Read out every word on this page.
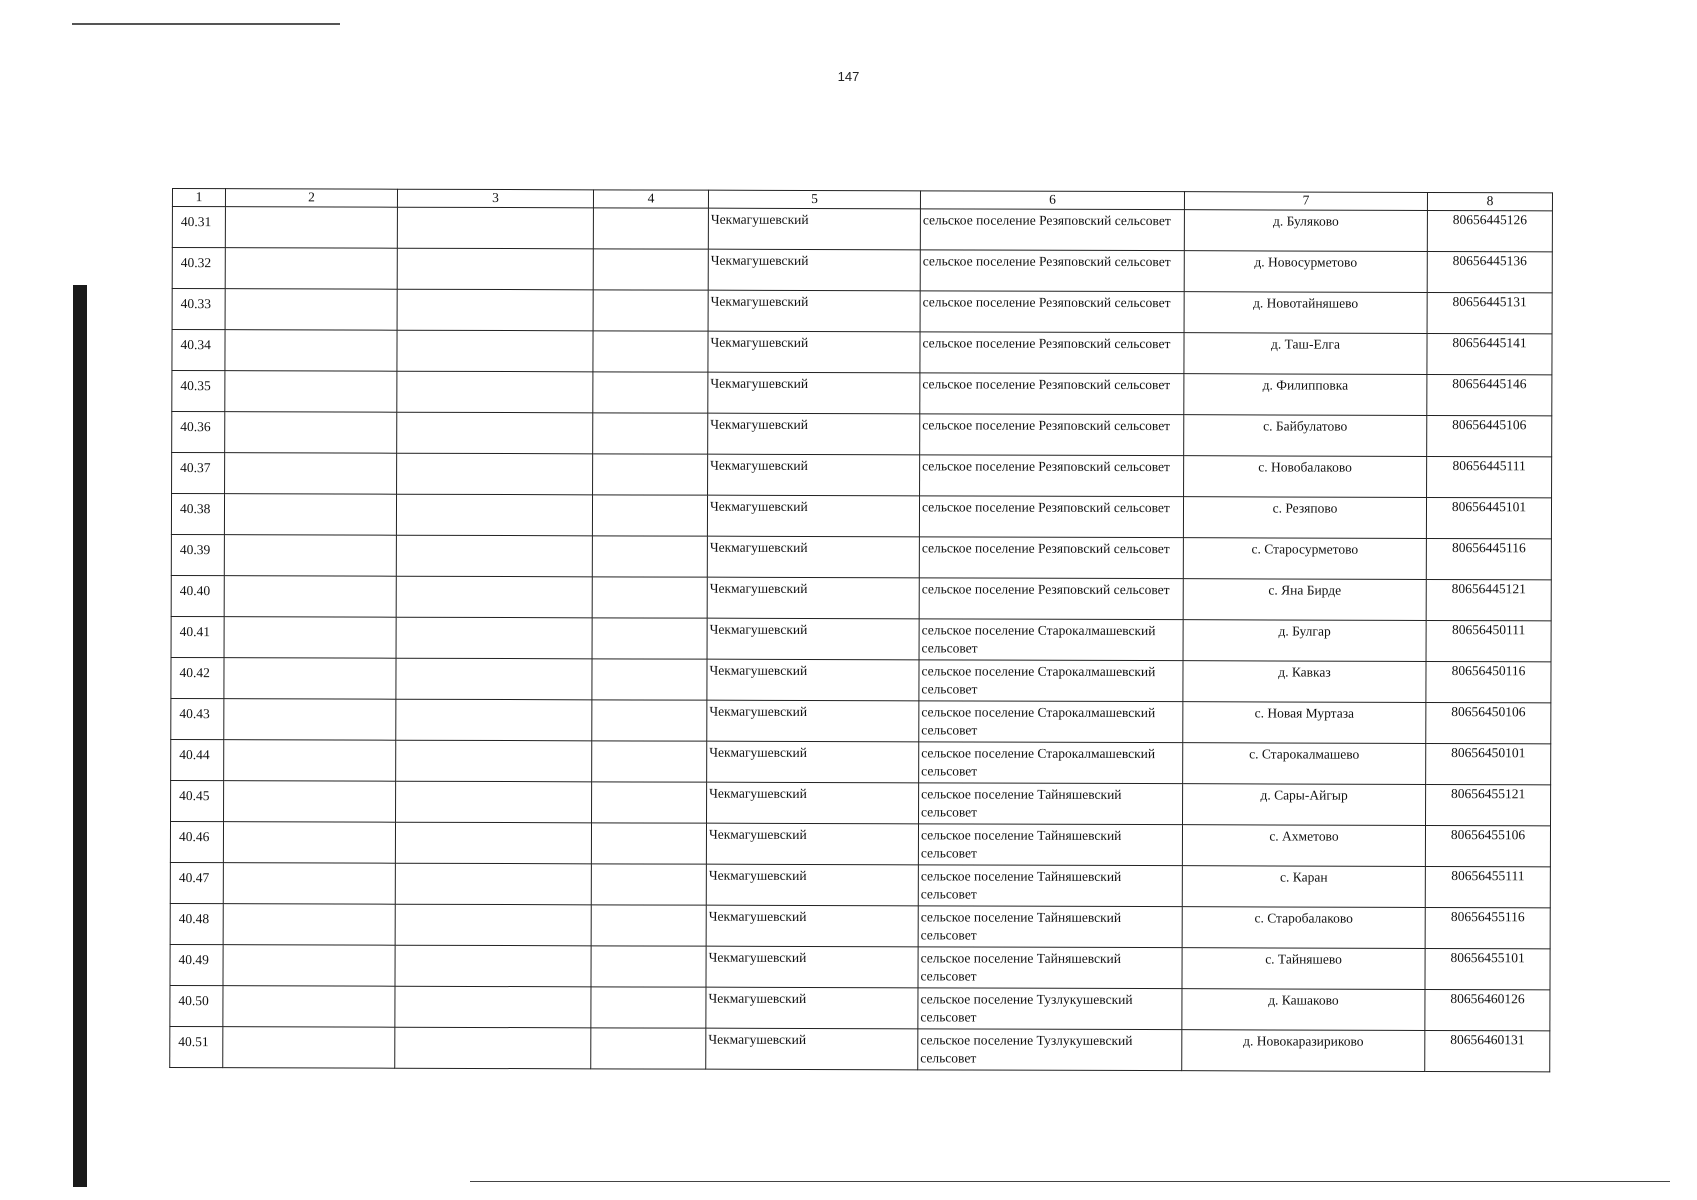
147
1	2	3	4	5	6	7	8
40.31				Чекмагушевский	сельское поселение Резяповский сельсовет	д. Буляково	80656445126
40.32				Чекмагушевский	сельское поселение Резяповский сельсовет	д. Новосурметово	80656445136
40.33				Чекмагушевский	сельское поселение Резяповский сельсовет	д. Новотайняшево	80656445131
40.34				Чекмагушевский	сельское поселение Резяповский сельсовет	д. Таш-Елга	80656445141
40.35				Чекмагушевский	сельское поселение Резяповский сельсовет	д. Филипповка	80656445146
40.36				Чекмагушевский	сельское поселение Резяповский сельсовет	с. Байбулатово	80656445106
40.37				Чекмагушевский	сельское поселение Резяповский сельсовет	с. Новобалаково	80656445111
40.38				Чекмагушевский	сельское поселение Резяповский сельсовет	с. Резяпово	80656445101
40.39				Чекмагушевский	сельское поселение Резяповский сельсовет	с. Старосурметово	80656445116
40.40				Чекмагушевский	сельское поселение Резяповский сельсовет	с. Яна Бирде	80656445121
40.41				Чекмагушевский	сельское поселение Старокалмашевский сельсовет	д. Булгар	80656450111
40.42				Чекмагушевский	сельское поселение Старокалмашевский сельсовет	д. Кавказ	80656450116
40.43				Чекмагушевский	сельское поселение Старокалмашевский сельсовет	с. Новая Муртаза	80656450106
40.44				Чекмагушевский	сельское поселение Старокалмашевский сельсовет	с. Старокалмашево	80656450101
40.45				Чекмагушевский	сельское поселение Тайняшевский сельсовет	д. Сары-Айгыр	80656455121
40.46				Чекмагушевский	сельское поселение Тайняшевский сельсовет	с. Ахметово	80656455106
40.47				Чекмагушевский	сельское поселение Тайняшевский сельсовет	с. Каран	80656455111
40.48				Чекмагушевский	сельское поселение Тайняшевский сельсовет	с. Старобалаково	80656455116
40.49				Чекмагушевский	сельское поселение Тайняшевский сельсовет	с. Тайняшево	80656455101
40.50				Чекмагушевский	сельское поселение Тузлукушевский сельсовет	д. Кашаково	80656460126
40.51				Чекмагушевский	сельское поселение Тузлукушевский сельсовет	д. Новокаразириково	80656460131
